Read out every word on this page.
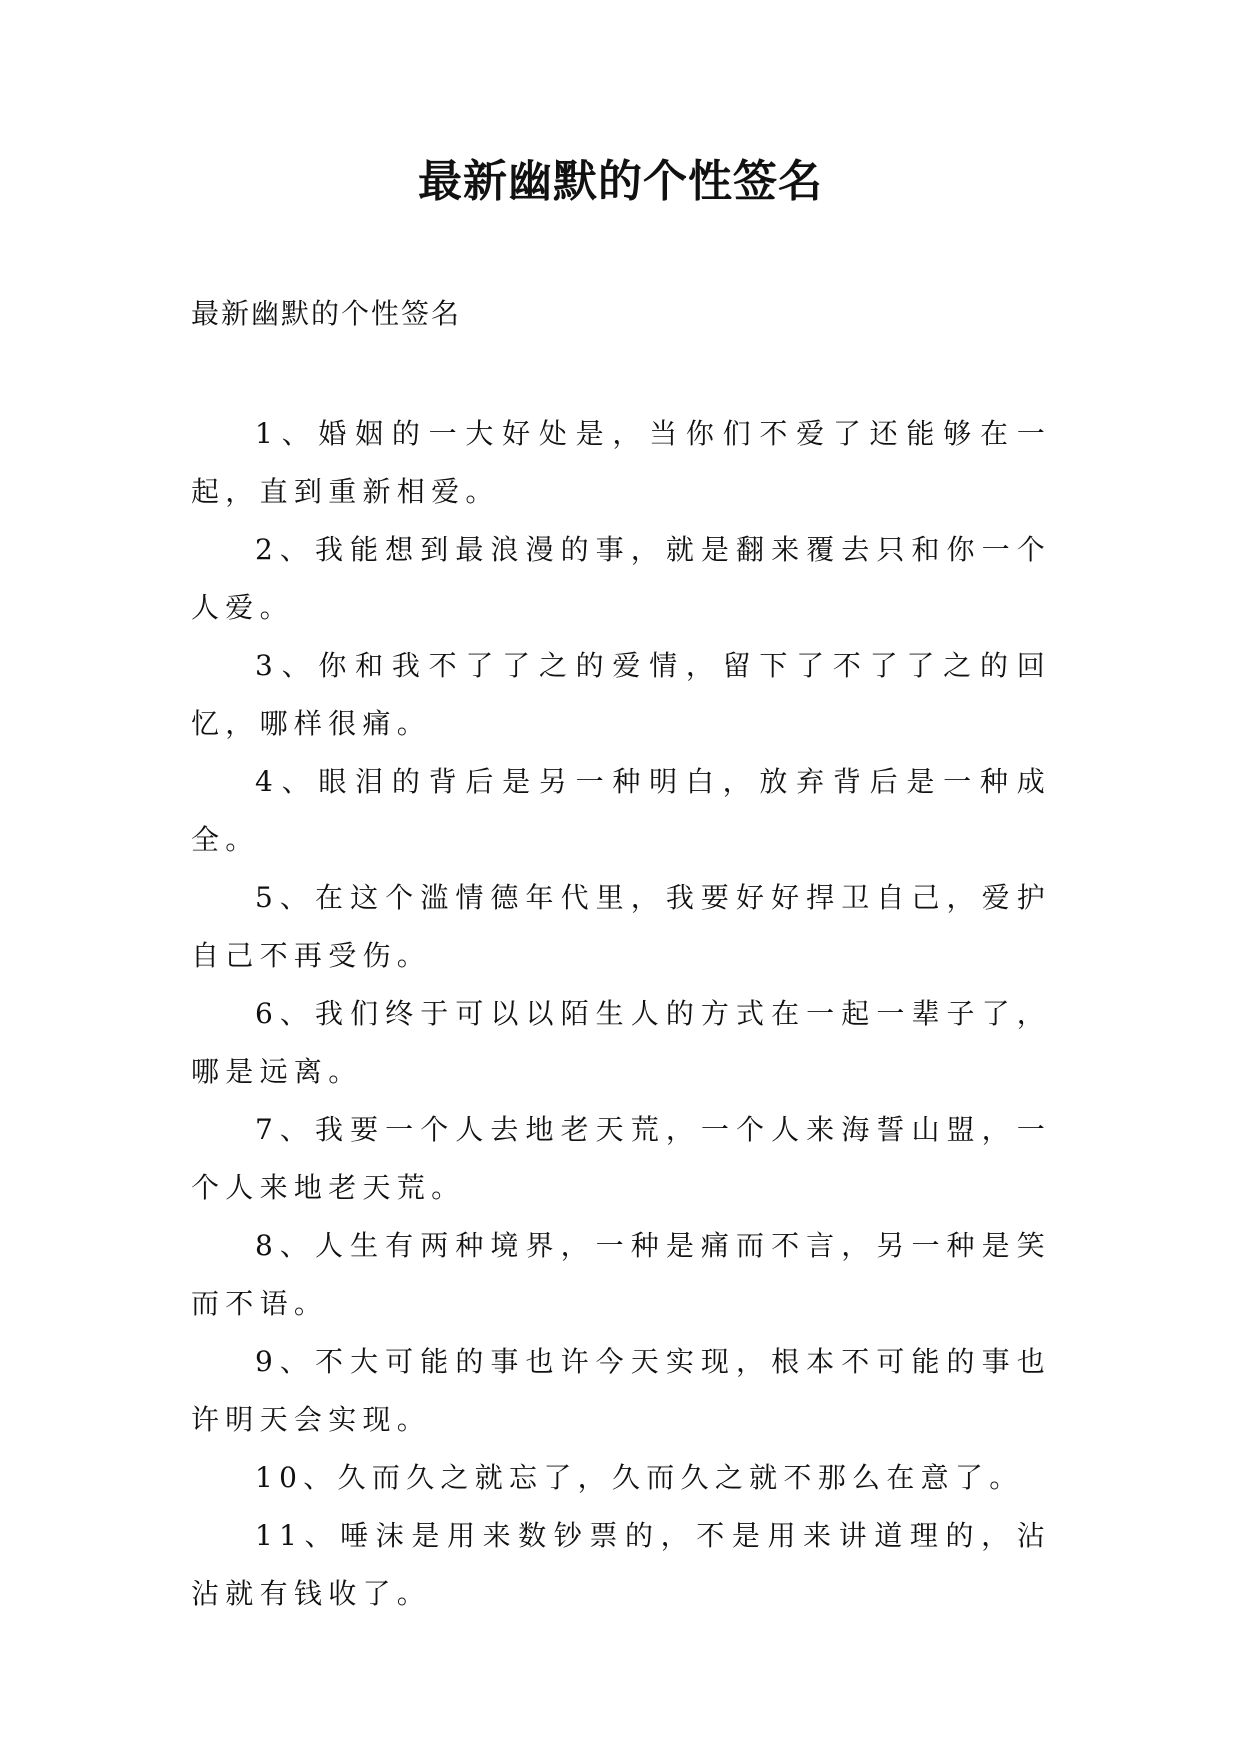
最新幽默的个性签名

最新幽默的个性签名

1、婚姻的一大好处是，当你们不爱了还能够在一起，直到重新相爱。

2、我能想到最浪漫的事，就是翻来覆去只和你一个人爱。

3、你和我不了了之的爱情，留下了不了了之的回忆，哪样很痛。

4、眼泪的背后是另一种明白，放弃背后是一种成全。

5、在这个滥情德年代里，我要好好捍卫自己，爱护自己不再受伤。

6、我们终于可以以陌生人的方式在一起一辈子了，哪是远离。

7、我要一个人去地老天荒，一个人来海誓山盟，一个人来地老天荒。

8、人生有两种境界，一种是痛而不言，另一种是笑而不语。

9、不大可能的事也许今天实现，根本不可能的事也许明天会实现。

10、久而久之就忘了，久而久之就不那么在意了。

11、唾沫是用来数钞票的，不是用来讲道理的，沾沾就有钱收了。
